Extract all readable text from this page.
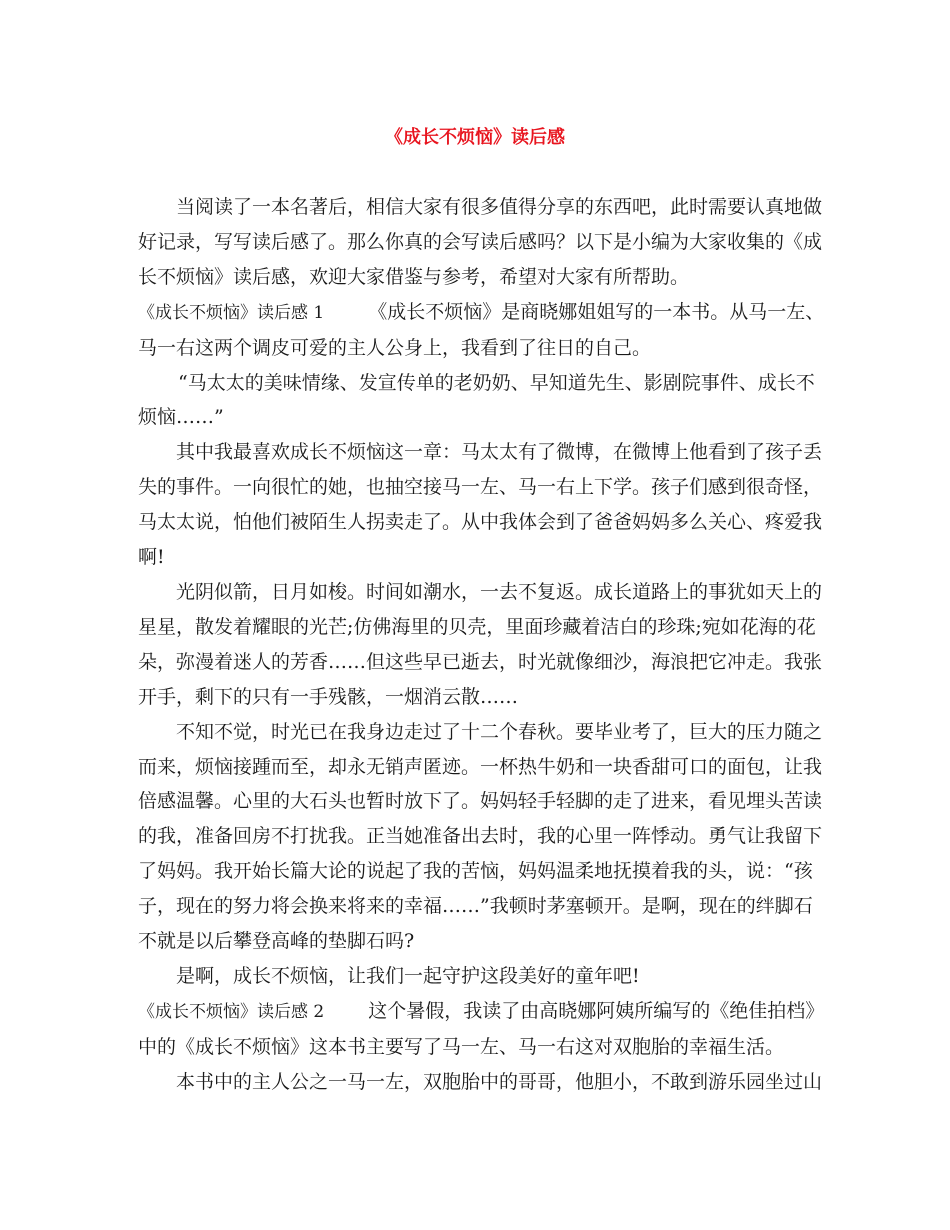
《成长不烦恼》读后感

当阅读了一本名著后，相信大家有很多值得分享的东西吧，此时需要认真地做好记录，写写读后感了。那么你真的会写读后感吗？以下是小编为大家收集的《成长不烦恼》读后感，欢迎大家借鉴与参考，希望对大家有所帮助。

《成长不烦恼》读后感 1 《成长不烦恼》是商晓娜姐姐写的一本书。从马一左、马一右这两个调皮可爱的主人公身上，我看到了往日的自己。

“马太太的美味情缘、发宣传单的老奶奶、早知道先生、影剧院事件、成长不烦恼……”

其中我最喜欢成长不烦恼这一章：马太太有了微博，在微博上他看到了孩子丢失的事件。一向很忙的她，也抽空接马一左、马一右上下学。孩子们感到很奇怪，马太太说，怕他们被陌生人拐卖走了。从中我体会到了爸爸妈妈多么关心、疼爱我啊!

光阴似箭，日月如梭。时间如潮水，一去不复返。成长道路上的事犹如天上的星星，散发着耀眼的光芒;仿佛海里的贝壳，里面珍藏着洁白的珍珠;宛如花海的花朵，弥漫着迷人的芳香……但这些早已逝去，时光就像细沙，海浪把它冲走。我张开手，剩下的只有一手残骸，一烟消云散……

不知不觉，时光已在我身边走过了十二个春秋。要毕业考了，巨大的压力随之而来，烦恼接踵而至，却永无销声匿迹。一杯热牛奶和一块香甜可口的面包，让我倍感温馨。心里的大石头也暂时放下了。妈妈轻手轻脚的走了进来，看见埋头苦读的我，准备回房不打扰我。正当她准备出去时，我的心里一阵悸动。勇气让我留下了妈妈。我开始长篇大论的说起了我的苦恼，妈妈温柔地抚摸着我的头，说：“孩子，现在的努力将会换来将来的幸福……”我顿时茅塞顿开。是啊，现在的绊脚石不就是以后攀登高峰的垫脚石吗?

是啊，成长不烦恼，让我们一起守护这段美好的童年吧!

《成长不烦恼》读后感 2 这个暑假，我读了由高晓娜阿姨所编写的《绝佳拍档》中的《成长不烦恼》这本书主要写了马一左、马一右这对双胞胎的幸福生活。

本书中的主人公之一马一左，双胞胎中的哥哥，他胆小，不敢到游乐园坐过山
